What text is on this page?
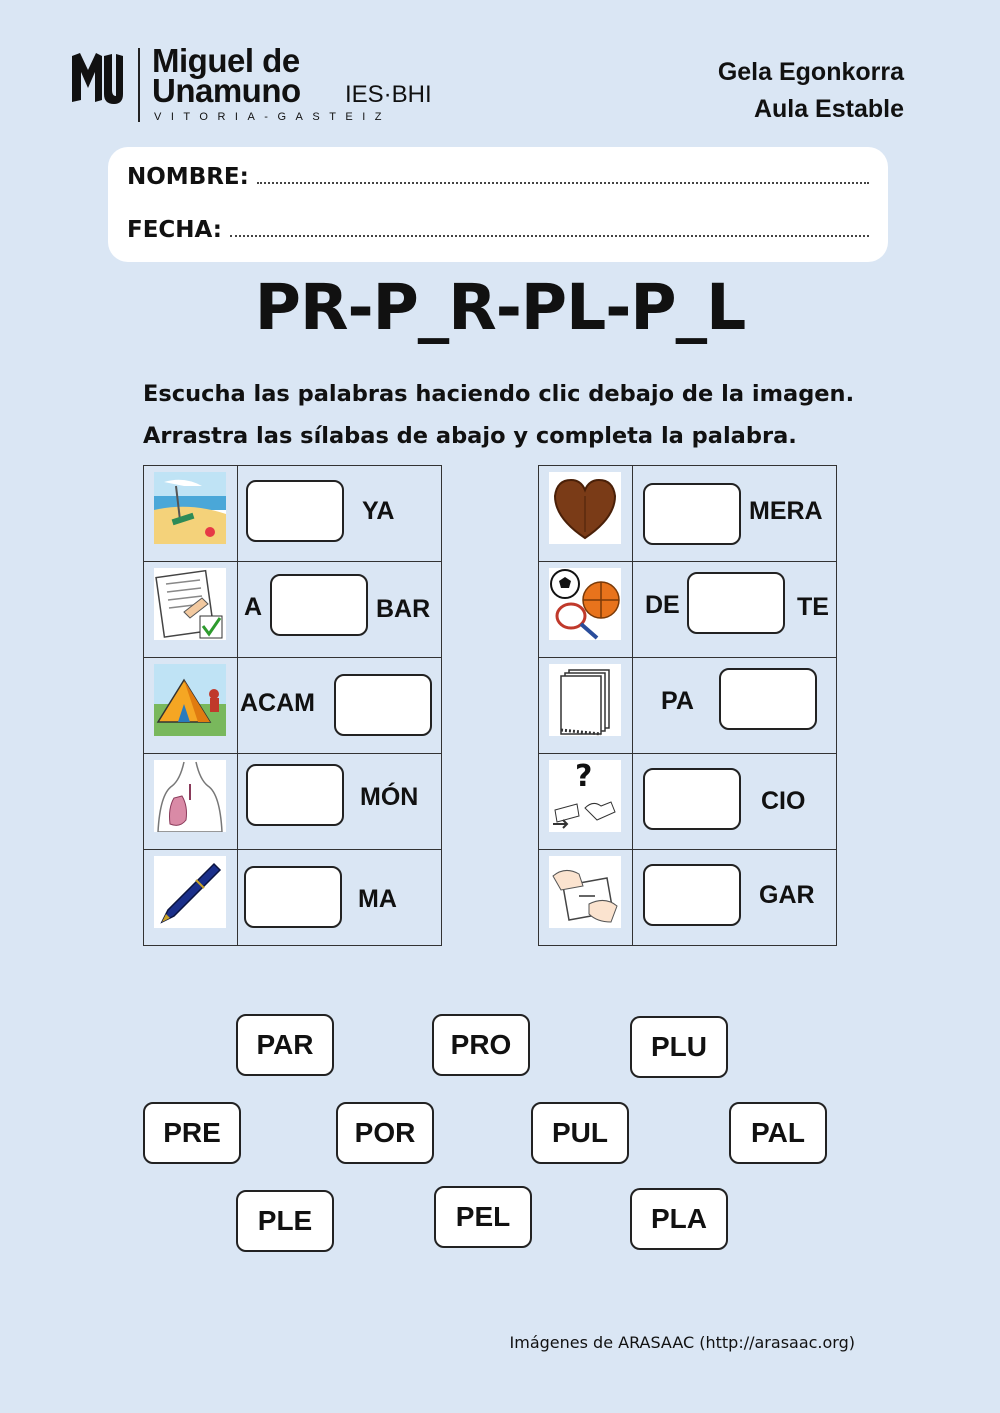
Miguel de
Unamuno IES·BHI
VITORIA-GASTEIZ
Gela Egonkorra
Aula Estable
NOMBRE:
FECHA:
PR-P_R-PL-P_L
Escucha las palabras haciendo clic debajo de la imagen.
Arrastra las sílabas de abajo y completa la palabra.
YA
A	BAR
ACAM
MÓN
MA
MERA
DE	TE
PA
?
CIO
GAR
PAR	PRO	PLU
PRE	POR	PUL	PAL
PLE	PEL	PLA
Imágenes de ARASAAC (http://arasaac.org)
